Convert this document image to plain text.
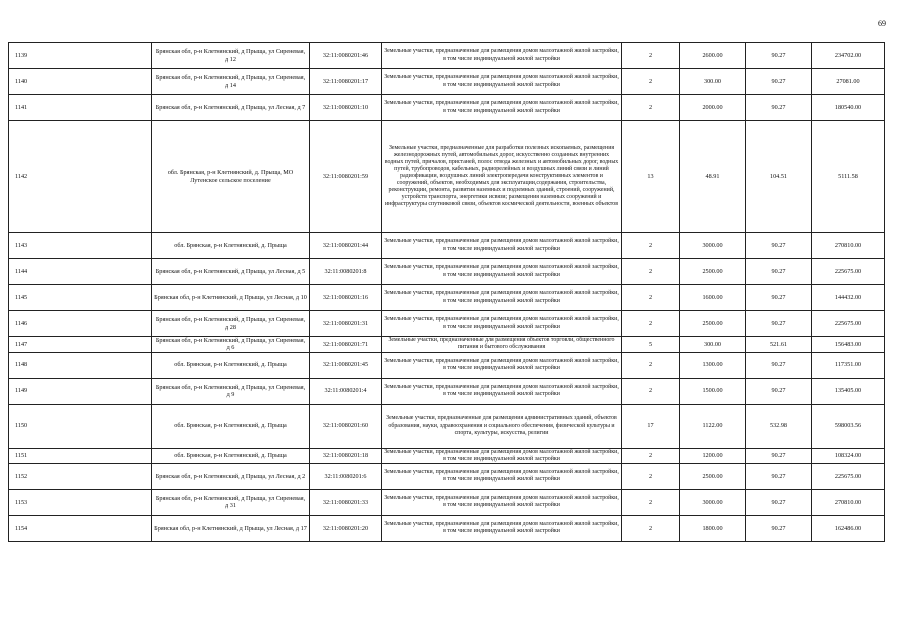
69
1139	Брянская обл, р-н Клетнянский, д Прыща, ул Сиреневая, д 12	32:11:0080201:46	Земельные участки, предназначенные для размещения домов малоэтажной жилой застройки, в том числе индивидуальной жилой застройки	2	2600.00	90.27	234702.00
1140	Брянская обл, р-н Клетнянский, д Прыща, ул Сиреневая, д 14	32:11:0080201:17	Земельные участки, предназначенные для размещения домов малоэтажной жилой застройки, в том числе индивидуальной жилой застройки	2	300.00	90.27	27081.00
1141	Брянская обл, р-н Клетнянский, д Прыща, ул Лесная, д 7	32:11:0080201:10	Земельные участки, предназначенные для размещения домов малоэтажной жилой застройки, в том числе индивидуальной жилой застройки	2	2000.00	90.27	180540.00
1142	обл. Брянская, р-н Клетнянский, д. Прыща, МО Лутенское сельское поселение	32:11:0080201:59	Земельные участки, предназначенные для разработки полезных ископаемых, размещения железнодорожных путей, автомобильных дорог, искусственно созданных внутренних водных путей, причалов, пристаней, полос отвода железных и автомобильных дорог, водных путей, трубопроводов, кабельных, радиорелейных и воздушных линий связи и линий радиофикации, воздушных линий электропередачи конструктивных элементов и сооружений, объектов, необходимых для эксплуатации,содержания, строительства, реконструкции, ремонта, развития наземных и подземных зданий, строений, сооружений, устройств транспорта, энергетики исвязи; размещения наземных сооружений и инфраструктуры спутниковой связи, объектов космической деятельности, военных объектов	13	48.91	104.51	5111.58
1143	обл. Брянская, р-н Клетнянский, д. Прыща	32:11:0080201:44	Земельные участки, предназначенные для размещения домов малоэтажной жилой застройки, в том числе индивидуальной жилой застройки	2	3000.00	90.27	270810.00
1144	Брянская обл, р-н Клетнянский, д Прыща, ул Лесная, д 5	32:11:0080201:8	Земельные участки, предназначенные для размещения домов малоэтажной жилой застройки, в том числе индивидуальной жилой застройки	2	2500.00	90.27	225675.00
1145	Брянская обл, р-н Клетнянский, д Прыща, ул Лесная, д 10	32:11:0080201:16	Земельные участки, предназначенные для размещения домов малоэтажной жилой застройки, в том числе индивидуальной жилой застройки	2	1600.00	90.27	144432.00
1146	Брянская обл, р-н Клетнянский, д Прыща, ул Сиреневая, д 28	32:11:0080201:31	Земельные участки, предназначенные для размещения домов малоэтажной жилой застройки, в том числе индивидуальной жилой застройки	2	2500.00	90.27	225675.00
1147	Брянская обл, р-н Клетнянский, д Прыща, ул Сиреневая, д 6	32:11:0080201:71	Земельные участки, предназначенные для размещения объектов торговли, общественного питания и бытового обслуживания	5	300.00	521.61	156483.00
1148	обл. Брянская, р-н Клетнянский, д. Прыща	32:11:0080201:45	Земельные участки, предназначенные для размещения домов малоэтажной жилой застройки, в том числе индивидуальной жилой застройки	2	1300.00	90.27	117351.00
1149	Брянская обл, р-н Клетнянский, д Прыща, ул Сиреневая, д 9	32:11:0080201:4	Земельные участки, предназначенные для размещения домов малоэтажной жилой застройки, в том числе индивидуальной жилой застройки	2	1500.00	90.27	135405.00
1150	обл. Брянская, р-н Клетнянский, д. Прыща	32:11:0080201:60	Земельные участки, предназначенные для размещения административных зданий, объектов образования, науки, здравоохранения и социального обеспечения, физической культуры и спорта, культуры, искусства, религии	17	1122.00	532.98	598003.56
1151	обл. Брянская, р-н Клетнянский, д. Прыща	32:11:0080201:18	Земельные участки, предназначенные для размещения домов малоэтажной жилой застройки, в том числе индивидуальной жилой застройки	2	1200.00	90.27	108324.00
1152	Брянская обл, р-н Клетнянский, д Прыща, ул Лесная, д 2	32:11:0080201:6	Земельные участки, предназначенные для размещения домов малоэтажной жилой застройки, в том числе индивидуальной жилой застройки	2	2500.00	90.27	225675.00
1153	Брянская обл, р-н Клетнянский, д Прыща, ул Сиреневая, д 31	32:11:0080201:33	Земельные участки, предназначенные для размещения домов малоэтажной жилой застройки, в том числе индивидуальной жилой застройки	2	3000.00	90.27	270810.00
1154	Брянская обл, р-н Клетнянский, д Прыща, ул Лесная, д 17	32:11:0080201:20	Земельные участки, предназначенные для размещения домов малоэтажной жилой застройки, в том числе индивидуальной жилой застройки	2	1800.00	90.27	162486.00
